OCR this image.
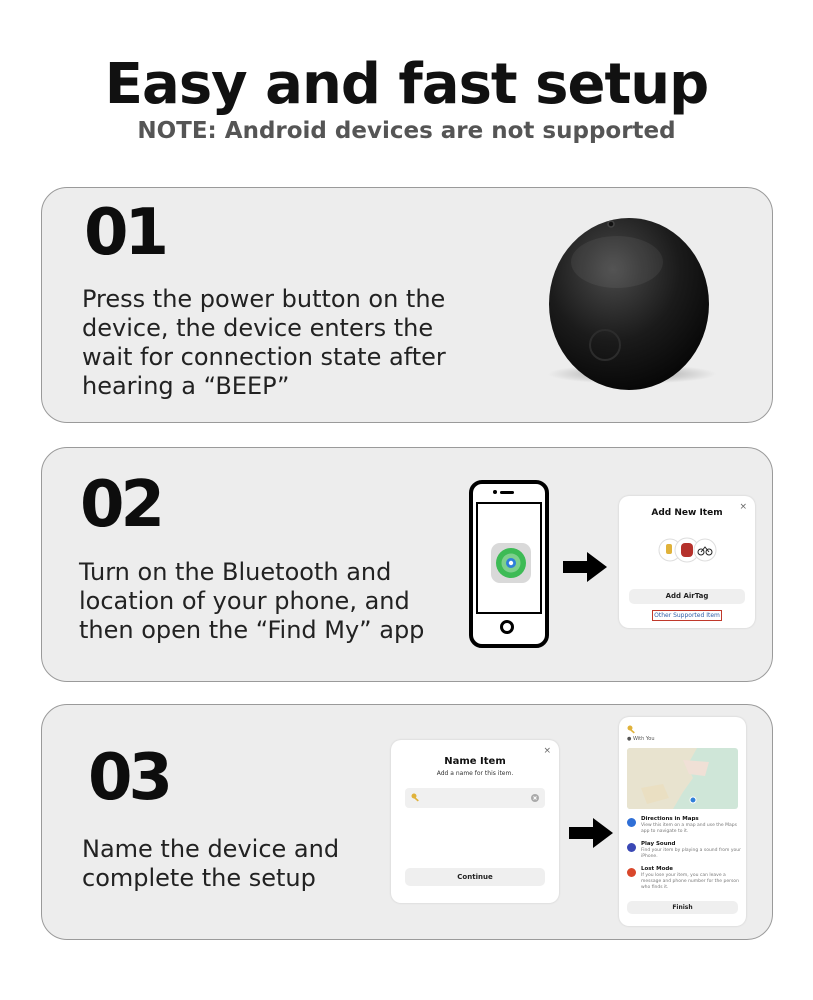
Easy and fast setup
NOTE: Android devices are not supported
01
Press the power button on the
device, the device enters the
wait for connection state after
hearing a “BEEP”
02
Turn on the Bluetooth and
location of your phone, and
then open the “Find My” app
Add New Item
×
Add AirTag
Other Supported Item
03
Name the device and
complete the setup
Name Item
Add a name for this item.
×
Continue
● With You
Directions in Maps
View this item on a map and use the Maps app to navigate to it.
Play Sound
Find your item by playing a sound from your iPhone.
Lost Mode
If you lose your item, you can leave a message and phone number for the person who finds it.
Finish
